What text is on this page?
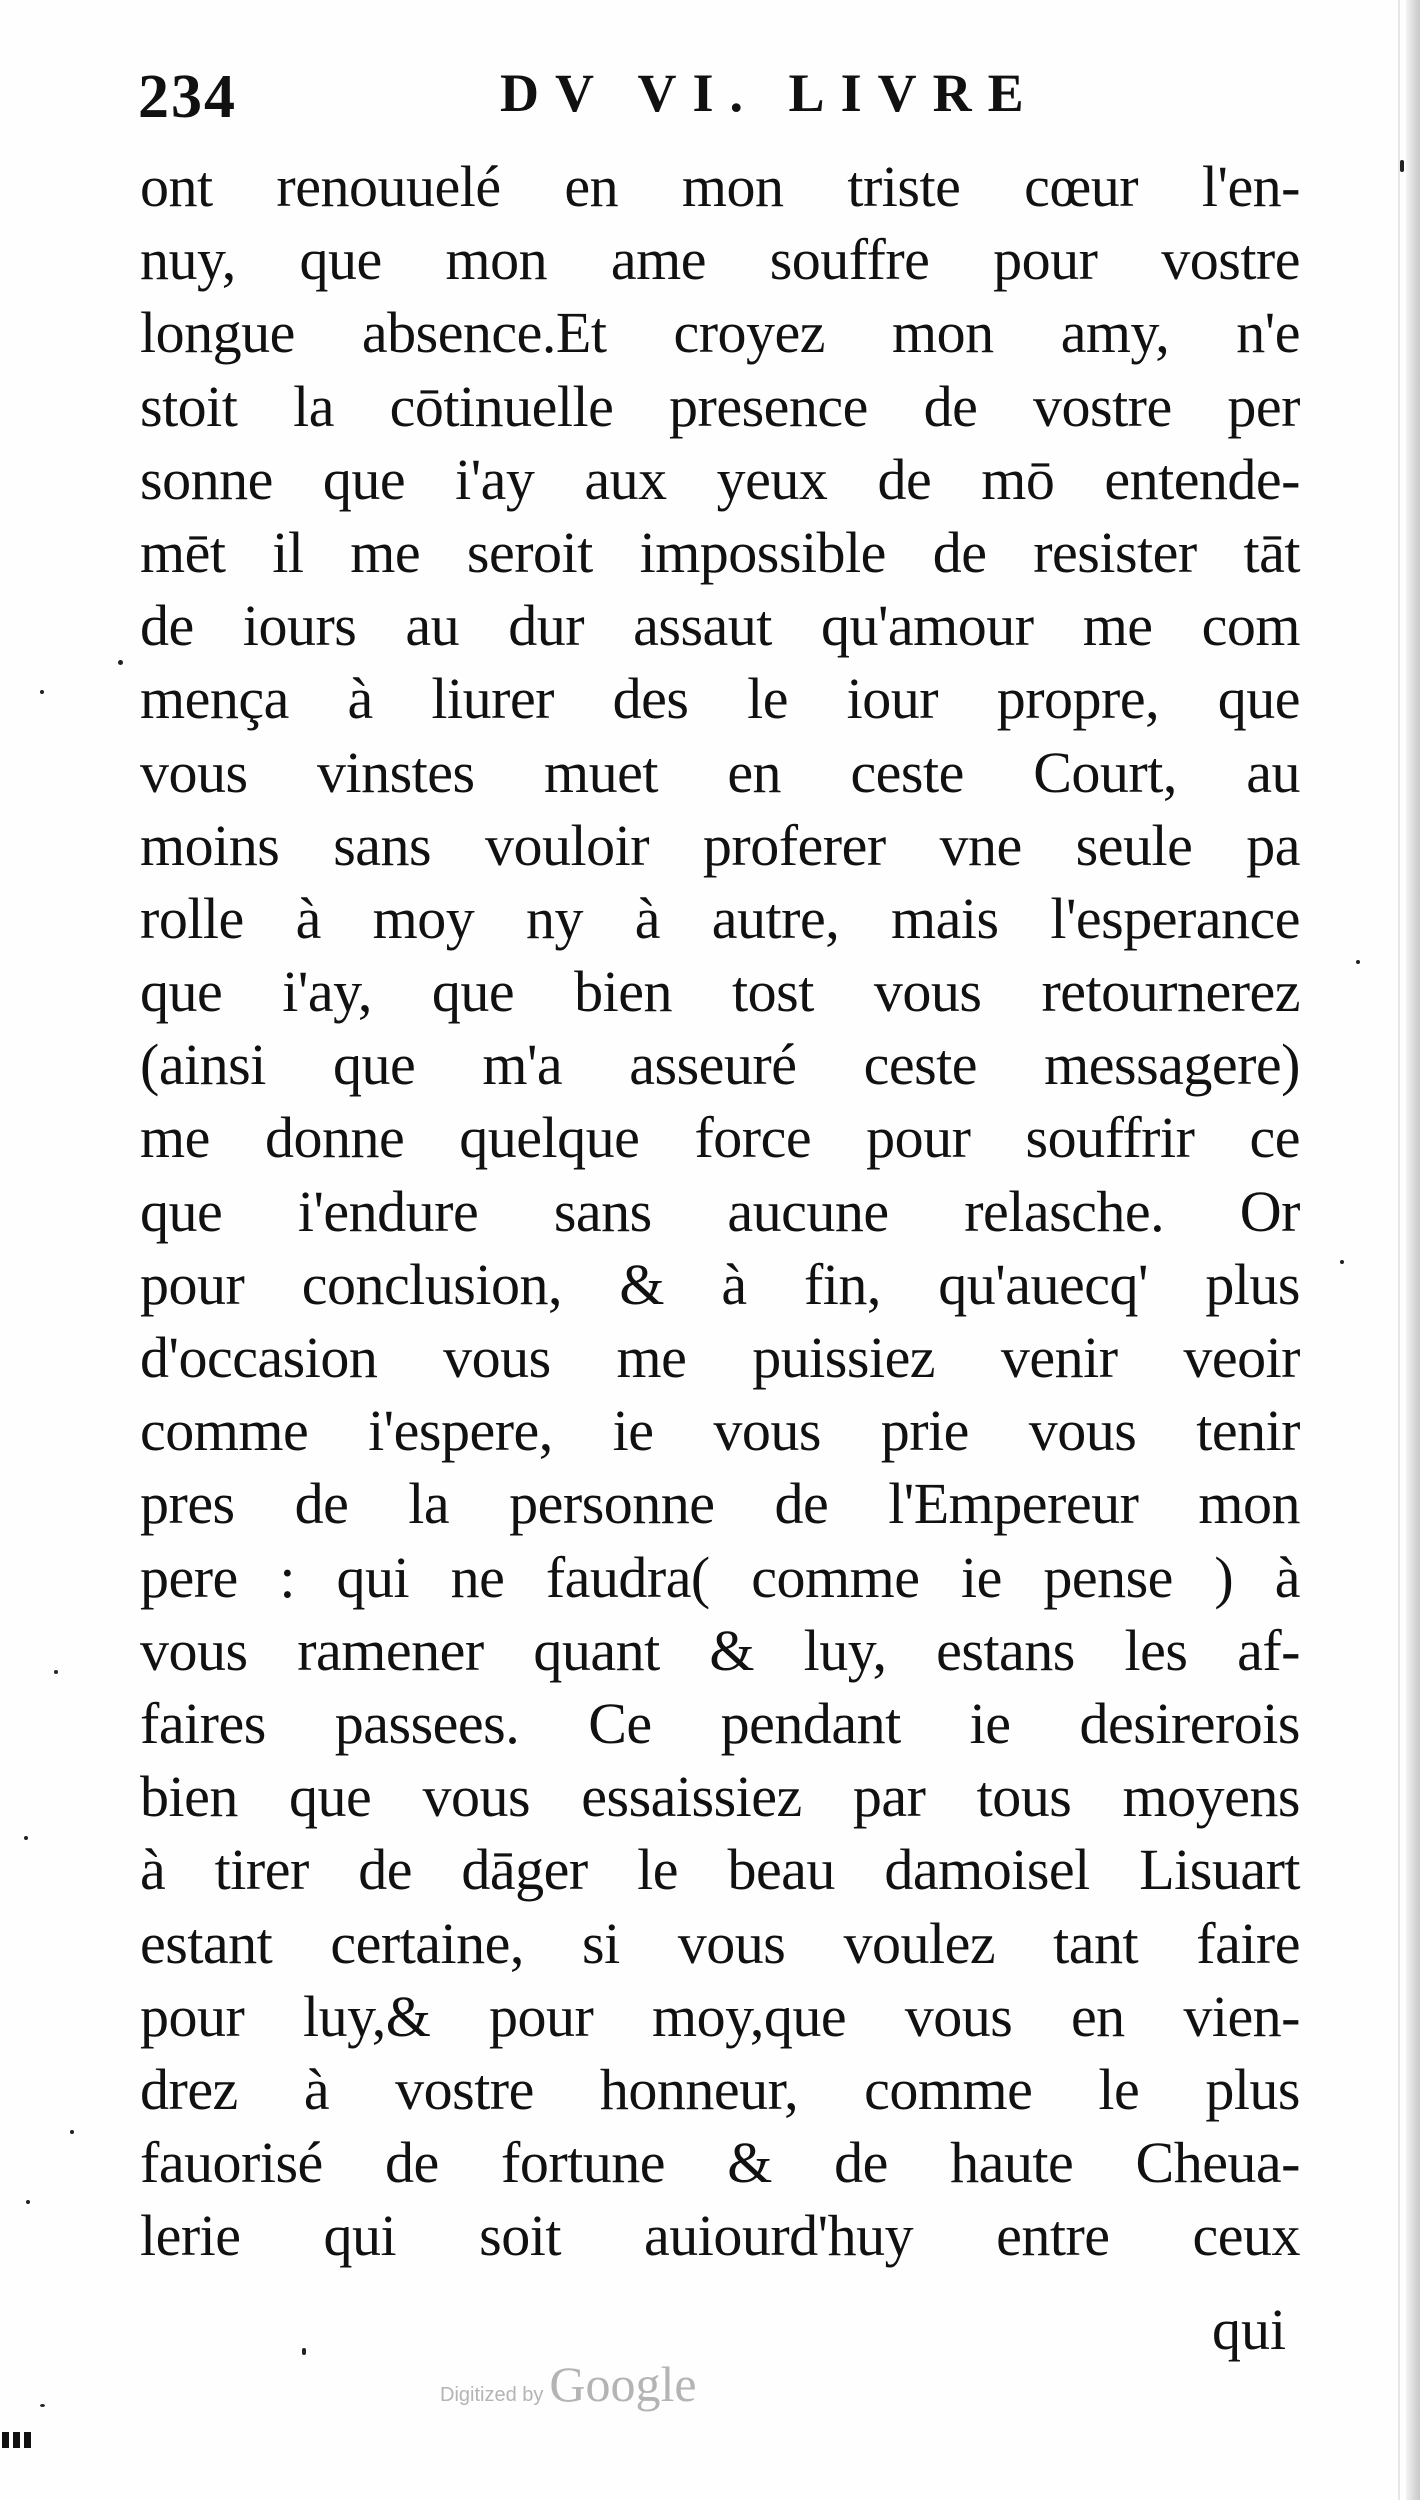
234	DV VI. LIVRE
ont renouuelé en mon triste cœur l'en-
nuy, que mon ame souffre pour vostre
longue absence.Et croyez mon amy, n'e
stoit la cōtinuelle presence de vostre per
sonne que i'ay aux yeux de mō entende-
mēt il me seroit impossible de resister tāt
de iours au dur assaut qu'amour me com
mença à liurer des le iour propre, que
vous vinstes muet en ceste Court, au
moins sans vouloir proferer vne seule pa
rolle à moy ny à autre, mais l'esperance
que i'ay, que bien tost vous retournerez
(ainsi que m'a asseuré ceste messagere)
me donne quelque force pour souffrir ce
que i'endure sans aucune relasche. Or
pour conclusion, & à fin, qu'auecq' plus
d'occasion vous me puissiez venir veoir
comme i'espere, ie vous prie vous tenir
pres de la personne de l'Empereur mon
pere : qui ne faudra( comme ie pense ) à
vous ramener quant & luy, estans les af-
faires passees. Ce pendant ie desirerois
bien que vous essaissiez par tous moyens
à tirer de dāger le beau damoisel Lisuart
estant certaine, si vous voulez tant faire
pour luy,& pour moy,que vous en vien-
drez à vostre honneur, comme le plus
fauorisé de fortune & de haute Cheua-
lerie qui soit auiourd'huy entre ceux
qui
Digitized by Google
